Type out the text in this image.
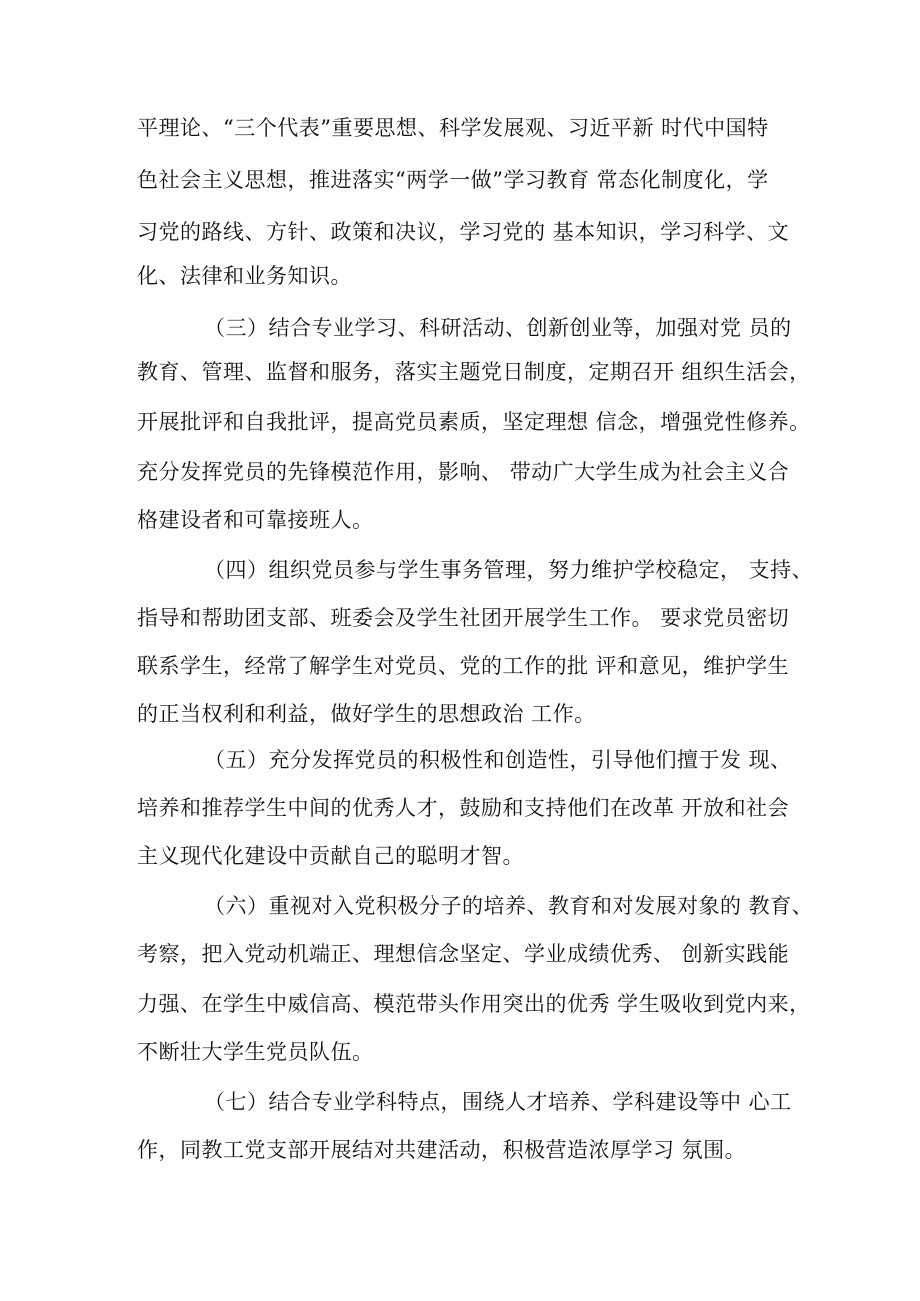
平理论、“三个代表”重要思想、科学发展观、习近平新 时代中国特
色社会主义思想，推进落实“两学一做”学习教育 常态化制度化，学
习党的路线、方针、政策和决议，学习党的 基本知识，学习科学、文
化、法律和业务知识。
（三）结合专业学习、科研活动、创新创业等，加强对党 员的
教育、管理、监督和服务，落实主题党日制度，定期召开 组织生活会，
开展批评和自我批评，提高党员素质，坚定理想 信念，增强党性修养。
充分发挥党员的先锋模范作用，影响、 带动广大学生成为社会主义合
格建设者和可靠接班人。
（四）组织党员参与学生事务管理，努力维护学校稳定， 支持、
指导和帮助团支部、班委会及学生社团开展学生工作。 要求党员密切
联系学生，经常了解学生对党员、党的工作的批 评和意见，维护学生
的正当权利和利益，做好学生的思想政治 工作。
（五）充分发挥党员的积极性和创造性，引导他们擅于发 现、
培养和推荐学生中间的优秀人才，鼓励和支持他们在改革 开放和社会
主义现代化建设中贡献自己的聪明才智。
（六）重视对入党积极分子的培养、教育和对发展对象的 教育、
考察，把入党动机端正、理想信念坚定、学业成绩优秀、 创新实践能
力强、在学生中威信高、模范带头作用突出的优秀 学生吸收到党内来，
不断壮大学生党员队伍。
（七）结合专业学科特点，围绕人才培养、学科建设等中 心工
作，同教工党支部开展结对共建活动，积极营造浓厚学习 氛围。
